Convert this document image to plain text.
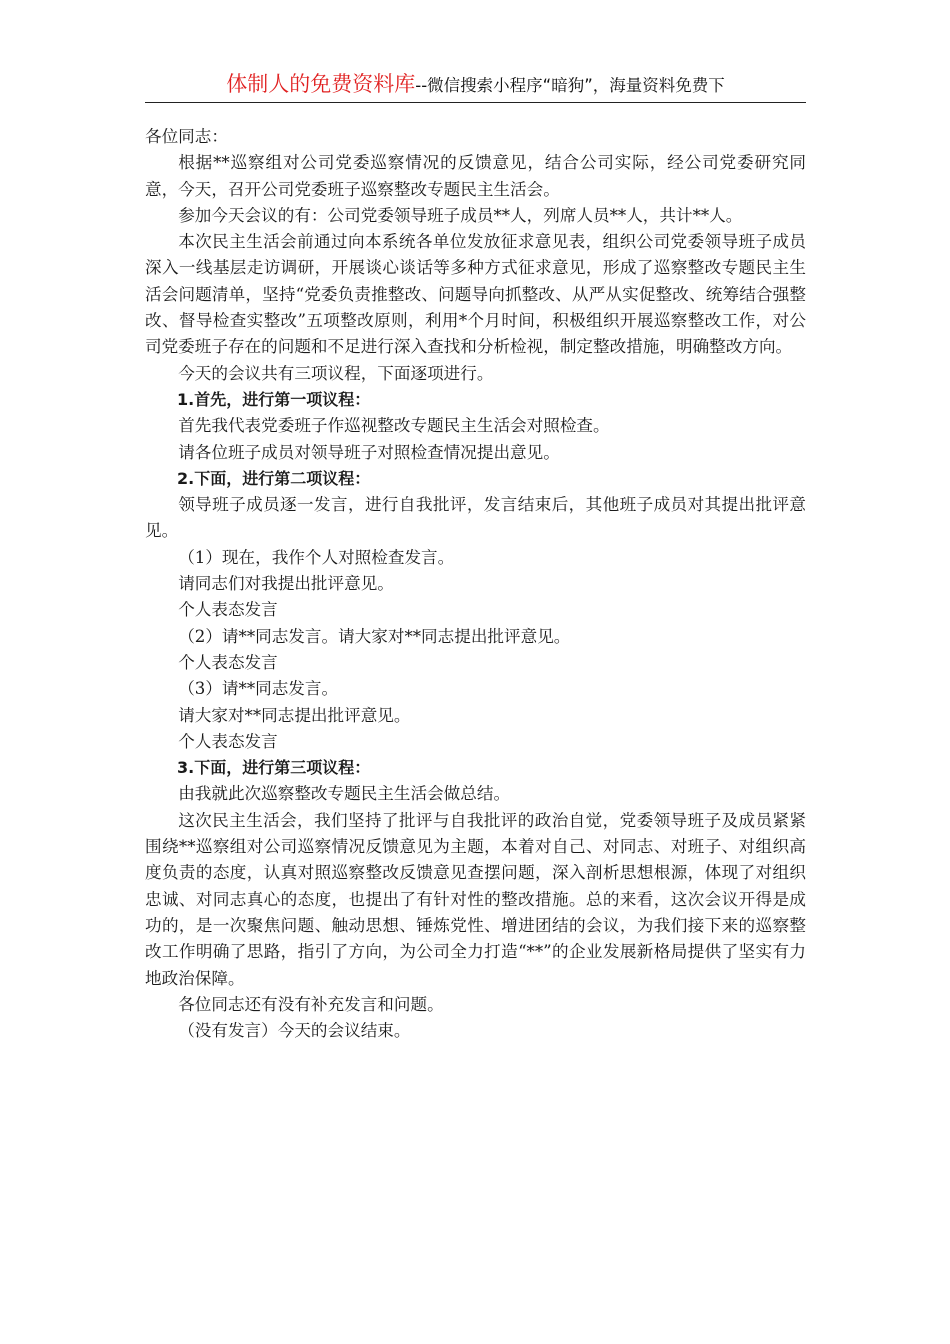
体制人的免费资料库--微信搜索小程序“暗狗”，海量资料免费下

各位同志：

根据**巡察组对公司党委巡察情况的反馈意见，结合公司实际，经公司党委研究同意，今天，召开公司党委班子巡察整改专题民主生活会。

参加今天会议的有：公司党委领导班子成员**人，列席人员**人，共计**人。

本次民主生活会前通过向本系统各单位发放征求意见表，组织公司党委领导班子成员深入一线基层走访调研，开展谈心谈话等多种方式征求意见，形成了巡察整改专题民主生活会问题清单，坚持“党委负责推整改、问题导向抓整改、从严从实促整改、统筹结合强整改、督导检查实整改”五项整改原则，利用*个月时间，积极组织开展巡察整改工作，对公司党委班子存在的问题和不足进行深入查找和分析检视，制定整改措施，明确整改方向。

今天的会议共有三项议程，下面逐项进行。

1.首先，进行第一项议程：

首先我代表党委班子作巡视整改专题民主生活会对照检查。

请各位班子成员对领导班子对照检查情况提出意见。

2.下面，进行第二项议程：

领导班子成员逐一发言，进行自我批评，发言结束后，其他班子成员对其提出批评意见。

（1）现在，我作个人对照检查发言。

请同志们对我提出批评意见。

个人表态发言

（2）请**同志发言。请大家对**同志提出批评意见。

个人表态发言

（3）请**同志发言。

请大家对**同志提出批评意见。

个人表态发言

3.下面，进行第三项议程：

由我就此次巡察整改专题民主生活会做总结。

这次民主生活会，我们坚持了批评与自我批评的政治自觉，党委领导班子及成员紧紧围绕**巡察组对公司巡察情况反馈意见为主题，本着对自己、对同志、对班子、对组织高度负责的态度，认真对照巡察整改反馈意见查摆问题，深入剖析思想根源，体现了对组织忠诚、对同志真心的态度，也提出了有针对性的整改措施。总的来看，这次会议开得是成功的，是一次聚焦问题、触动思想、锤炼党性、增进团结的会议，为我们接下来的巡察整改工作明确了思路，指引了方向，为公司全力打造“**”的企业发展新格局提供了坚实有力地政治保障。

各位同志还有没有补充发言和问题。

（没有发言）今天的会议结束。
